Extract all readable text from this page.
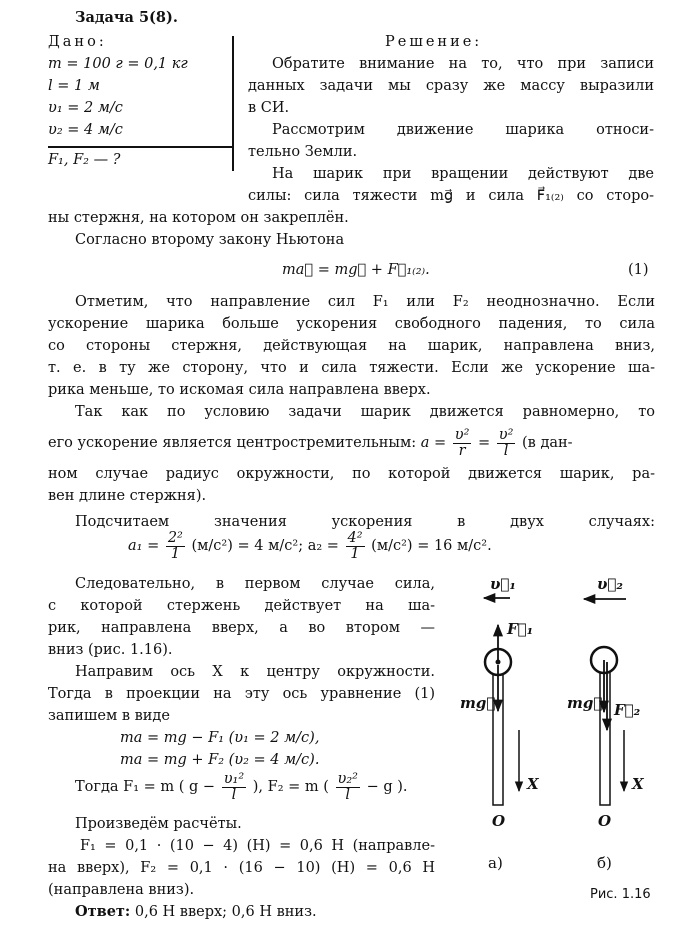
Задача 5(8).
Дано:
m = 100 г = 0,1 кг
l = 1 м
υ₁ = 2 м/с
υ₂ = 4 м/с
F₁, F₂ — ?
Решение:
Обратите внимание на то, что при записи
данных задачи мы сразу же массу выразили
в СИ.
Рассмотрим движение шарика относи-
тельно Земли.
На шарик при вращении действуют две
силы: сила тяжести mg⃗ и сила F⃗₁₍₂₎ со сторо-
ны стержня, на котором он закреплён.
Согласно второму закону Ньютона
ma⃗ = mg⃗ + F⃗₁₍₂₎.	(1)
Отметим, что направление сил F₁ или F₂ неоднозначно. Если
ускорение шарика больше ускорения свободного падения, то сила
со стороны стержня, действующая на шарик, направлена вниз,
т. е. в ту же сторону, что и сила тяжести. Если же ускорение ша-
рика меньше, то искомая сила направлена вверх.
Так как по условию задачи шарик движется равномерно, то
его ускорение является центростремительным: $a = \frac{\text{υ²}}{r} = \frac{\text{υ²}}{l} (в$ дан-
ном случае радиус окружности, по которой движется шарик, ра-
вен длине стержня).
Подсчитаем значения ускорения в двух случаях:
$a_1 = \frac{\text{2²}}{1} (м/с^2) = 4$ м/с²; $a_2 = \frac{\text{4²}}{1} (м/с^2) = 16$ м/с².
Следовательно, в первом случае сила,
с которой стержень действует на ша-
рик, направлена вверх, а во втором —
вниз (рис. 1.16).
Направим ось X к центру окружности.
Тогда в проекции на эту ось уравнение (1)
запишем в виде
ma = mg − F₁ (υ₁ = 2 м/с),
ma = mg + F₂ (υ₂ = 4 м/с).
Тогда F₁ = m ( $g - \frac{\text{υ₁²}}{l}$ ), F₂ = m ( $\frac{\text{υ₂²}}{l} - g$ ).
Произведём расчёты.
F₁ = 0,1 · (10 − 4) (Н) = 0,6 Н (направле-
на вверх), F₂ = 0,1 · (16 − 10) (Н) = 0,6 Н
(направлена вниз).
Ответ: 0,6 Н вверх; 0,6 Н вниз.
υ⃗₁
F⃗₁
mg⃗
X
O
а)
υ⃗₂
mg⃗ F⃗₂
X
O
б)
Рис. 1.16
